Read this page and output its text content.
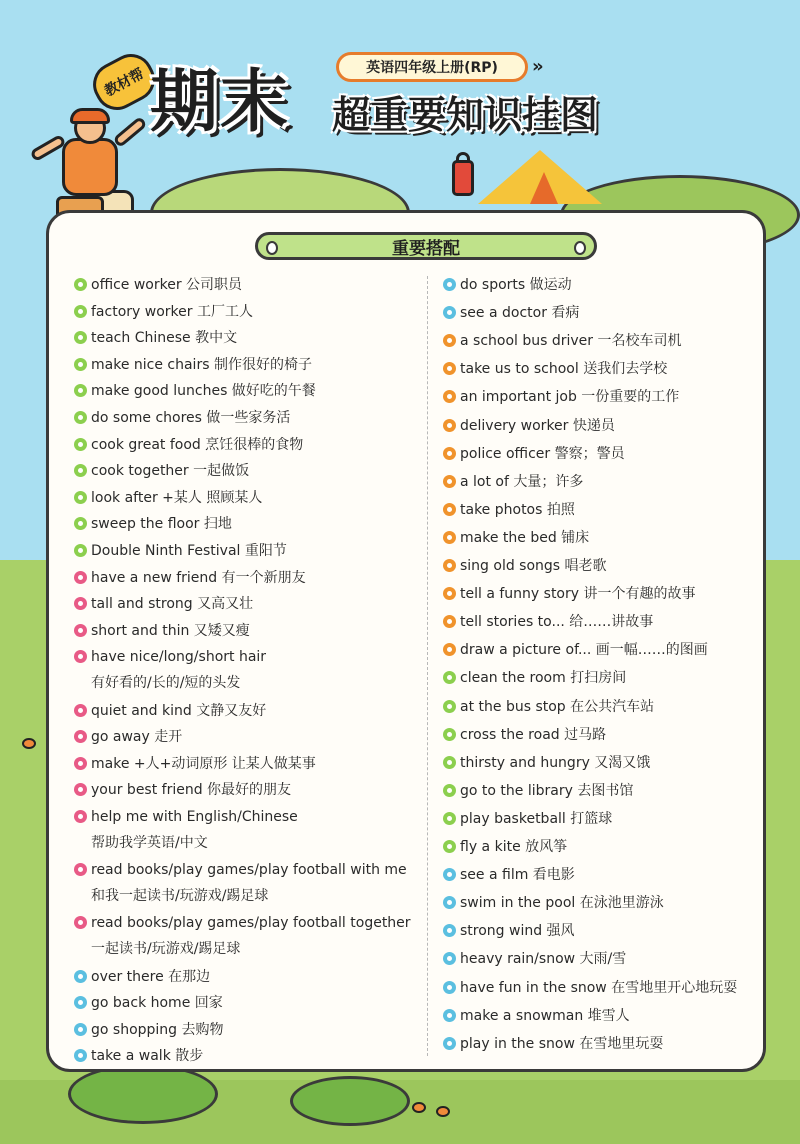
教材帮 期末	英语四年级上册(RP)	»
超重要知识挂图
重要搭配
office worker 公司职员
factory worker 工厂工人
teach Chinese 教中文
make nice chairs 制作很好的椅子
make good lunches 做好吃的午餐
do some chores 做一些家务活
cook great food 烹饪很棒的食物
cook together 一起做饭
look after +某人 照顾某人
sweep the floor 扫地
Double Ninth Festival 重阳节
have a new friend 有一个新朋友
tall and strong 又高又壮
short and thin 又矮又瘦
have nice/long/short hair
有好看的/长的/短的头发
quiet and kind 文静又友好
go away 走开
make +人+动词原形 让某人做某事
your best friend 你最好的朋友
help me with English/Chinese
帮助我学英语/中文
read books/play games/play football with me
和我一起读书/玩游戏/踢足球
read books/play games/play football together
一起读书/玩游戏/踢足球
over there 在那边
go back home 回家
go shopping 去购物
take a walk 散步
do sports 做运动
see a doctor 看病
a school bus driver 一名校车司机
take us to school 送我们去学校
an important job 一份重要的工作
delivery worker 快递员
police officer 警察；警员
a lot of 大量；许多
take photos 拍照
make the bed 铺床
sing old songs 唱老歌
tell a funny story 讲一个有趣的故事
tell stories to... 给……讲故事
draw a picture of... 画一幅……的图画
clean the room 打扫房间
at the bus stop 在公共汽车站
cross the road 过马路
thirsty and hungry 又渴又饿
go to the library 去图书馆
play basketball 打篮球
fly a kite 放风筝
see a film 看电影
swim in the pool 在泳池里游泳
strong wind 强风
heavy rain/snow 大雨/雪
have fun in the snow 在雪地里开心地玩耍
make a snowman 堆雪人
play in the snow 在雪地里玩耍
